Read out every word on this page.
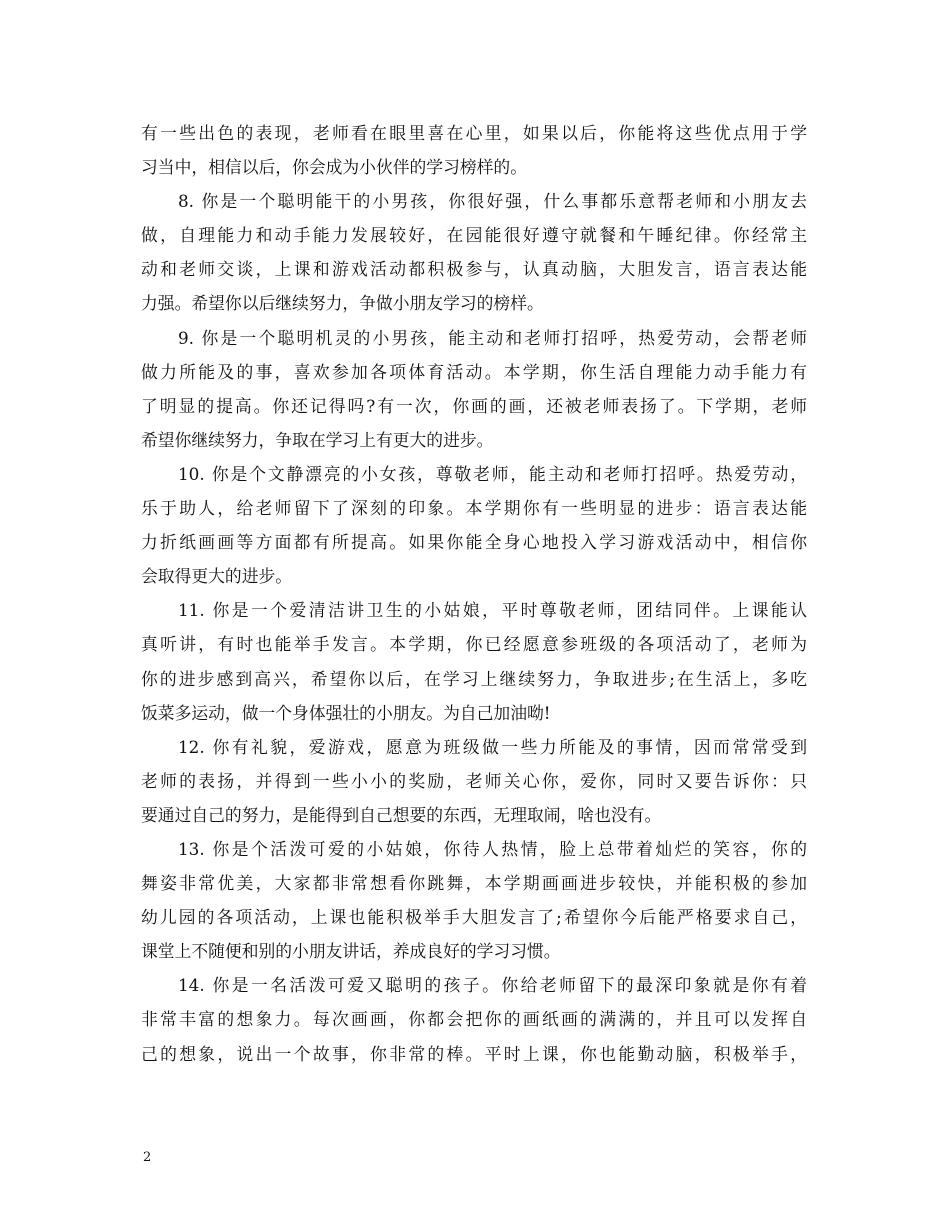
有一些出色的表现，老师看在眼里喜在心里，如果以后，你能将这些优点用于学
习当中，相信以后，你会成为小伙伴的学习榜样的。
8. 你是一个聪明能干的小男孩，你很好强，什么事都乐意帮老师和小朋友去
做，自理能力和动手能力发展较好，在园能很好遵守就餐和午睡纪律。你经常主
动和老师交谈，上课和游戏活动都积极参与，认真动脑，大胆发言，语言表达能
力强。希望你以后继续努力，争做小朋友学习的榜样。
9. 你是一个聪明机灵的小男孩，能主动和老师打招呼，热爱劳动，会帮老师
做力所能及的事，喜欢参加各项体育活动。本学期，你生活自理能力动手能力有
了明显的提高。你还记得吗?有一次，你画的画，还被老师表扬了。下学期，老师
希望你继续努力，争取在学习上有更大的进步。
10. 你是个文静漂亮的小女孩，尊敬老师，能主动和老师打招呼。热爱劳动，
乐于助人，给老师留下了深刻的印象。本学期你有一些明显的进步：语言表达能
力折纸画画等方面都有所提高。如果你能全身心地投入学习游戏活动中，相信你
会取得更大的进步。
11. 你是一个爱清洁讲卫生的小姑娘，平时尊敬老师，团结同伴。上课能认
真听讲，有时也能举手发言。本学期，你已经愿意参班级的各项活动了，老师为
你的进步感到高兴，希望你以后，在学习上继续努力，争取进步;在生活上，多吃
饭菜多运动，做一个身体强壮的小朋友。为自己加油呦!
12. 你有礼貌，爱游戏，愿意为班级做一些力所能及的事情，因而常常受到
老师的表扬，并得到一些小小的奖励，老师关心你，爱你，同时又要告诉你：只
要通过自己的努力，是能得到自己想要的东西，无理取闹，啥也没有。
13. 你是个活泼可爱的小姑娘，你待人热情，脸上总带着灿烂的笑容，你的
舞姿非常优美，大家都非常想看你跳舞，本学期画画进步较快，并能积极的参加
幼儿园的各项活动，上课也能积极举手大胆发言了;希望你今后能严格要求自己，
课堂上不随便和别的小朋友讲话，养成良好的学习习惯。
14. 你是一名活泼可爱又聪明的孩子。你给老师留下的最深印象就是你有着
非常丰富的想象力。每次画画，你都会把你的画纸画的满满的，并且可以发挥自
己的想象，说出一个故事，你非常的棒。平时上课，你也能勤动脑，积极举手，
2
